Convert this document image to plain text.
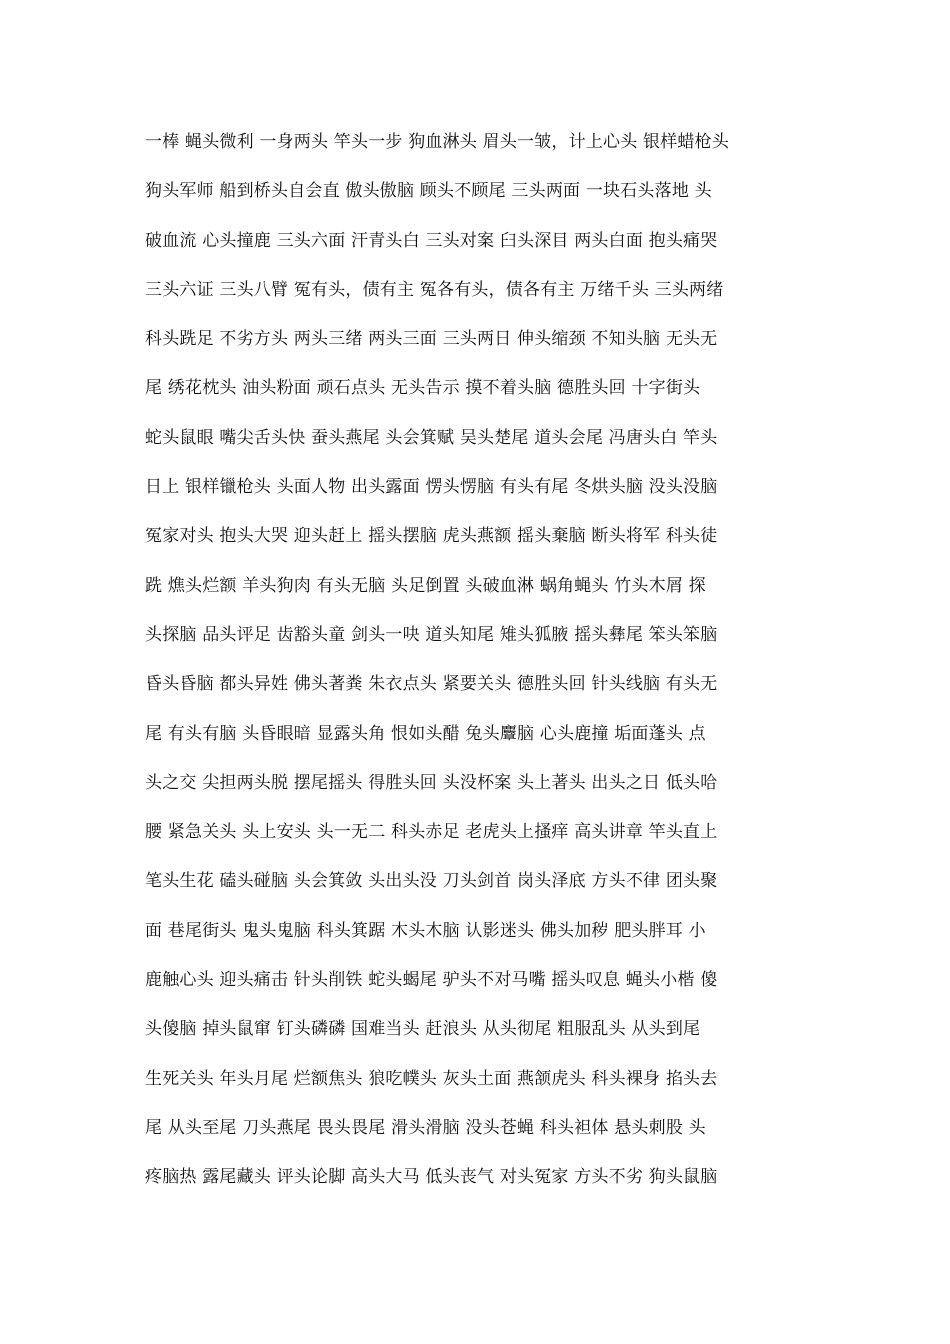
一棒 蝇头微利 一身两头 竿头一步 狗血淋头 眉头一皱，计上心头 银样蜡枪头
狗头军师 船到桥头自会直 傲头傲脑 顾头不顾尾 三头两面 一块石头落地 头
破血流 心头撞鹿 三头六面 汗青头白 三头对案 臼头深目 两头白面 抱头痛哭
三头六证 三头八臂 冤有头，债有主 冤各有头，债各有主 万绪千头 三头两绪
科头跣足 不劣方头 两头三绪 两头三面 三头两日 伸头缩颈 不知头脑 无头无
尾 绣花枕头 油头粉面 顽石点头 无头告示 摸不着头脑 德胜头回 十字街头
蛇头鼠眼 嘴尖舌头快 蚕头燕尾 头会箕赋 吴头楚尾 道头会尾 冯唐头白 竿头
日上 银样镴枪头 头面人物 出头露面 愣头愣脑 有头有尾 冬烘头脑 没头没脑
冤家对头 抱头大哭 迎头赶上 摇头摆脑 虎头燕额 摇头棄脑 断头将军 科头徒
跣 燋头烂额 羊头狗肉 有头无脑 头足倒置 头破血淋 蜗角蝇头 竹头木屑 探
头探脑 品头评足 齿豁头童 剑头一吷 道头知尾 雉头狐腋 摇头彝尾 笨头笨脑
昏头昏脑 都头异姓 佛头著粪 朱衣点头 紧要关头 德胜头回 针头线脑 有头无
尾 有头有脑 头昏眼暗 显露头角 恨如头醋 兔头麞脑 心头鹿撞 垢面蓬头 点
头之交 尖担两头脱 摆尾摇头 得胜头回 头没杯案 头上著头 出头之日 低头哈
腰 紧急关头 头上安头 头一无二 科头赤足 老虎头上搔痒 高头讲章 竿头直上
笔头生花 磕头碰脑 头会箕敛 头出头没 刀头剑首 岗头泽底 方头不律 团头聚
面 巷尾街头 鬼头鬼脑 科头箕踞 木头木脑 认影迷头 佛头加秽 肥头胖耳 小
鹿触心头 迎头痛击 针头削铁 蛇头蝎尾 驴头不对马嘴 摇头叹息 蝇头小楷 傻
头傻脑 掉头鼠窜 钉头磷磷 国难当头 赶浪头 从头彻尾 粗服乱头 从头到尾
生死关头 年头月尾 烂额焦头 狼吃幞头 灰头土面 燕颔虎头 科头裸身 掐头去
尾 从头至尾 刀头燕尾 畏头畏尾 滑头滑脑 没头苍蝇 科头袒体 悬头刺股 头
疼脑热 露尾藏头 评头论脚 高头大马 低头丧气 对头冤家 方头不劣 狗头鼠脑
